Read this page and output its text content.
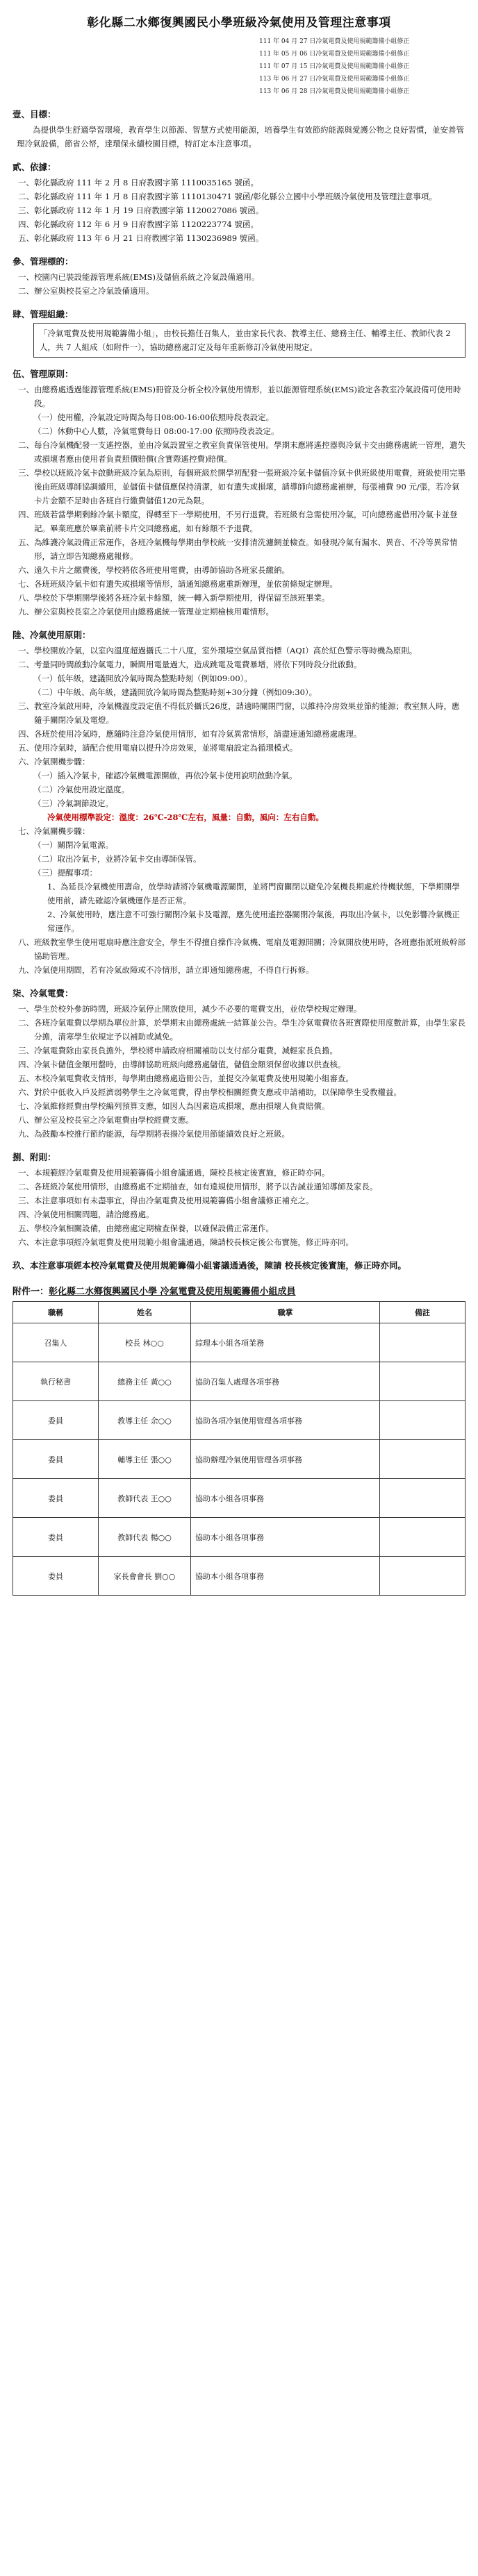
彰化縣二水鄉復興國民小學班級冷氣使用及管理注意事項
111 年 04 月 27 日冷氣電費及使用規範籌備小組修正
111 年 05 月 06 日冷氣電費及使用規範籌備小組修正
111 年 07 月 15 日冷氣電費及使用規範籌備小組修正
113 年 06 月 27 日冷氣電費及使用規範籌備小組修正
113 年 06 月 28 日冷氣電費及使用規範籌備小組修正
壹、目標：
為提供學生舒適學習環境，教育學生以節源、智慧方式使用能源，培養學生有效節約能源與愛護公物之良好習慣，並安善管理冷氣設備，節省公帑，達環保永續校園目標，特訂定本注意事項。
貳、依據：
一、 彰化縣政府 111 年 2 月 8 日府教國字第 1110035165 號函。
二、 彰化縣政府 111 年 1 月 8 日府教國字第 1110130471 號函/彰化縣公立國中小學班級冷氣使用及管理注意事項。
三、 彰化縣政府 112 年 1 月 19 日府教國字第 1120027086 號函。
四、 彰化縣政府 112 年 6 月 9 日府教國字第 1120223774 號函。
五、 彰化縣政府 113 年 6 月 21 日府教國字第 1130236989 號函。
參、管理標的：
一、 校園內已裝設能源管理系統(EMS)及儲值系統之冷氣設備適用。
二、 辦公室與校長室之冷氣設備適用。
肆、管理組織：
「冷氣電費及使用規範籌備小組」，由校長擔任召集人，並由家長代表、教導主任、總務主任、輔導主任、教師代表 2 人，共 7 人組成（如附件一），協助總務處訂定及每年重新修訂冷氣使用規定。
伍、管理原則：
一、 由總務處透過能源管理系統(EMS)冊管及分析全校冷氣使用情形，並以能源管理系統(EMS)設定各教室冷氣設備可使用時段。
（一）使用權，冷氣設定時間為每日08:00-16:00依照時段表設定。
（二）休動中心人數，冷氣電費每日 08:00-17:00 依照時段表設定。
二、 每台冷氣機配發一支遙控器，並由冷氣設置室之教室負責保管使用。學期末應將遙控器與冷氣卡交由總務處統一管理，遺失或損壞者應由使用者負責照價賠償(含實際遙控費)賠償。
三、 學校以班級冷氣卡啟動班級冷氣為原則，每個班級於開學初配發一張班級冷氣卡儲值冷氣卡供班級使用電費，班級使用完畢後由班級導師協調續用，並儲值卡儲值應保持清潔，如有遺失或損壞，請導師向總務處補辦，每張補費 90 元/張，若冷氣卡片金額不足時由各班自行繳費儲值120元為限。
四、 班級若當學期剩餘冷氣卡額度，得轉至下一學期使用，不另行退費。若班級有急需使用冷氣，可向總務處借用冷氣卡並登記。畢業班應於畢業前將卡片交回總務處，如有餘額不予退費。
五、 為維護冷氣設備正常運作，各班冷氣機每學期由學校統一安排清洗濾網並檢查。如發現冷氣有漏水、異音、不冷等異常情形，請立即告知總務處報修。
六、 遠久卡片之繳費後，學校將依各班使用電費，由導師協助各班家長繳納。
七、 各班班級冷氣卡如有遺失或損壞等情形，請通知總務處重新辦理，並依前條規定辦理。
八、 學校於下學期開學後將各班冷氣卡餘額，統一轉入新學期使用，得保留至該班畢業。
九、 辦公室與校長室之冷氣使用由總務處統一管理並定期檢核用電情形。
陸、冷氣使用原則：
一、 學校開放冷氣，以室內溫度超過攝氏二十八度，室外環境空氣品質指標（AQI）高於紅色警示等時機為原則。
二、 考量同時間啟動冷氣電力，瞬間用電量過大，造成跳電及電費暴增，將依下列時段分批啟動。
（一）低年級，建議開放冷氣時間為整點時刻（例如09:00）。
（二）中年級、高年級，建議開放冷氣時間為整點時刻+30分鐘（例如09:30）。
三、 教室冷氣啟用時，冷氣機溫度設定值不得低於攝氏26度，請適時關閉門窗，以維持冷房效果並節約能源；教室無人時，應隨手關閉冷氣及電燈。
四、 各班於使用冷氣時，應隨時注意冷氣使用情形，如有冷氣異常情形，請盡速通知總務處處理。
五、 使用冷氣時，請配合使用電扇以提升冷房效果，並將電扇設定為循環模式。
六、 冷氣開機步驟：
（一）插入冷氣卡，確認冷氣機電源開啟，再依冷氣卡使用說明啟動冷氣。
（二）冷氣使用設定溫度。
（三）冷氣調節設定。
冷氣使用標準設定：溫度：26℃-28℃左右，風量：自動，風向：左右自動。
七、 冷氣關機步驟：
（一）關閉冷氣電源。
（二）取出冷氣卡，並將冷氣卡交由導師保管。
（三）提醒事項：
1、為延長冷氣機使用壽命，放學時請將冷氣機電源關閉，並將門窗關閉以避免冷氣機長期處於待機狀態，下學期開學使用前，請先確認冷氣機運作是否正常。
2、冷氣使用時，應注意不可強行關閉冷氣卡及電源，應先使用遙控器關閉冷氣後，再取出冷氣卡，以免影響冷氣機正常運作。
八、 班級教室學生使用電扇時應注意安全，學生不得擅自操作冷氣機、電扇及電源開關；冷氣開放使用時，各班應指派班級幹部協助管理。
九、 冷氣使用期間，若有冷氣故障或不冷情形，請立即通知總務處，不得自行拆修。
柒、冷氣電費：
一、 學生於校外參訪時間，班級冷氣停止開放使用，減少不必要的電費支出，並依學校規定辦理。
二、 各班冷氣電費以學期為單位計算，於學期末由總務處統一結算並公告。學生冷氣電費依各班實際使用度數計算，由學生家長分擔，清寒學生依規定予以補助或減免。
三、 冷氣電費除由家長負擔外，學校將申請政府相關補助以支付部分電費，減輕家長負擔。
四、 冷氣卡儲值金額用罄時，由導師協助班級向總務處儲值，儲值金額須保留收據以供查核。
五、 本校冷氣電費收支情形，每學期由總務處造冊公告，並提交冷氣電費及使用規範小組審查。
六、 對於中低收入戶及經濟弱勢學生之冷氣電費，得由學校相關經費支應或申請補助，以保障學生受教權益。
七、 冷氣維修經費由學校編列預算支應，如因人為因素造成損壞，應由損壞人負責賠償。
八、 辦公室及校長室之冷氣電費由學校經費支應。
九、 為鼓勵本校推行節約能源，每學期將表揚冷氣使用節能績效良好之班級。
捌、附則：
一、 本規範經冷氣電費及使用規範籌備小組會議通過，陳校長核定後實施，修正時亦同。
二、 各班級冷氣使用情形，由總務處不定期抽查，如有違規使用情形，將予以告誡並通知導師及家長。
三、 本注意事項如有未盡事宜，得由冷氣電費及使用規範籌備小組會議修正補充之。
四、 冷氣使用相關問題，請洽總務處。
五、 學校冷氣相關設備，由總務處定期檢查保養，以確保設備正常運作。
六、 本注意事項經冷氣電費及使用規範小組會議通過，陳請校長核定後公布實施，修正時亦同。
玖、本注意事項經本校冷氣電費及使用規範籌備小組審議通過後，陳請 校長核定後實施，修正時亦同。
附件一： 彰化縣二水鄉復興國民小學 冷氣電費及使用規範籌備小組成員
職稱	姓名	職掌	備註
召集人	校長 林○○	綜理本小組各項業務	
執行秘書	總務主任 黃○○	協助召集人處理各項事務	
委員	教導主任 余○○	協助各項冷氣使用管理各項事務	
委員	輔導主任 張○○	協助辦理冷氣使用管理各項事務	
委員	教師代表 王○○	協助本小組各項事務	
委員	教師代表 楊○○	協助本小組各項事務	
委員	家長會會長 劉○○	協助本小組各項事務	
